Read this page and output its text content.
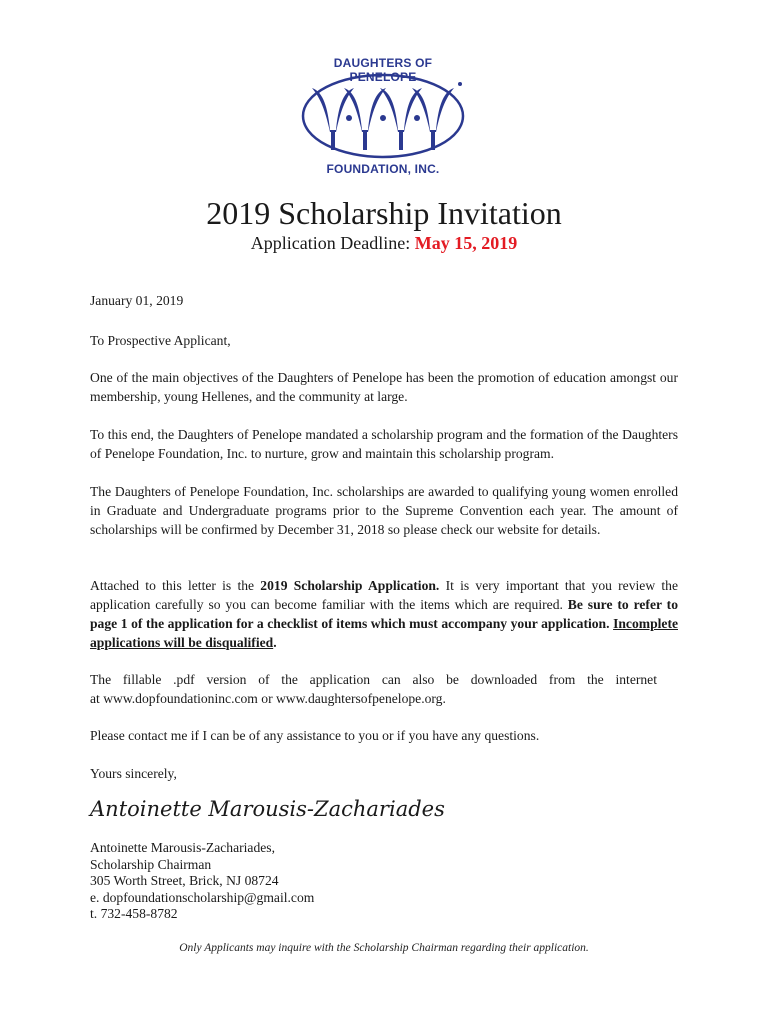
DAUGHTERS OF PENELOPE
FOUNDATION, INC.
2019 Scholarship Invitation
Application Deadline: May 15, 2019
January 01, 2019
To Prospective Applicant,
One of the main objectives of the Daughters of Penelope has been the promotion of education amongst our membership, young Hellenes, and the community at large.
To this end, the Daughters of Penelope mandated a scholarship program and the formation of the Daughters of Penelope Foundation, Inc. to nurture, grow and maintain this scholarship program.
The Daughters of Penelope Foundation, Inc. scholarships are awarded to qualifying young women enrolled in Graduate and Undergraduate programs prior to the Supreme Convention each year. The amount of scholarships will be confirmed by December 31, 2018 so please check our website for details.
Attached to this letter is the 2019 Scholarship Application. It is very important that you review the application carefully so you can become familiar with the items which are required. Be sure to refer to page 1 of the application for a checklist of items which must accompany your application. Incomplete applications will be disqualified.
The fillable .pdf version of the application can also be downloaded from the internet
at www.dopfoundationinc.com or www.daughtersofpenelope.org.
Please contact me if I can be of any assistance to you or if you have any questions.
Yours sincerely,
Antoinette Marousis-Zachariades
Antoinette Marousis-Zachariades,
Scholarship Chairman
305 Worth Street, Brick, NJ 08724
e. dopfoundationscholarship@gmail.com
t. 732-458-8782
Only Applicants may inquire with the Scholarship Chairman regarding their application.
